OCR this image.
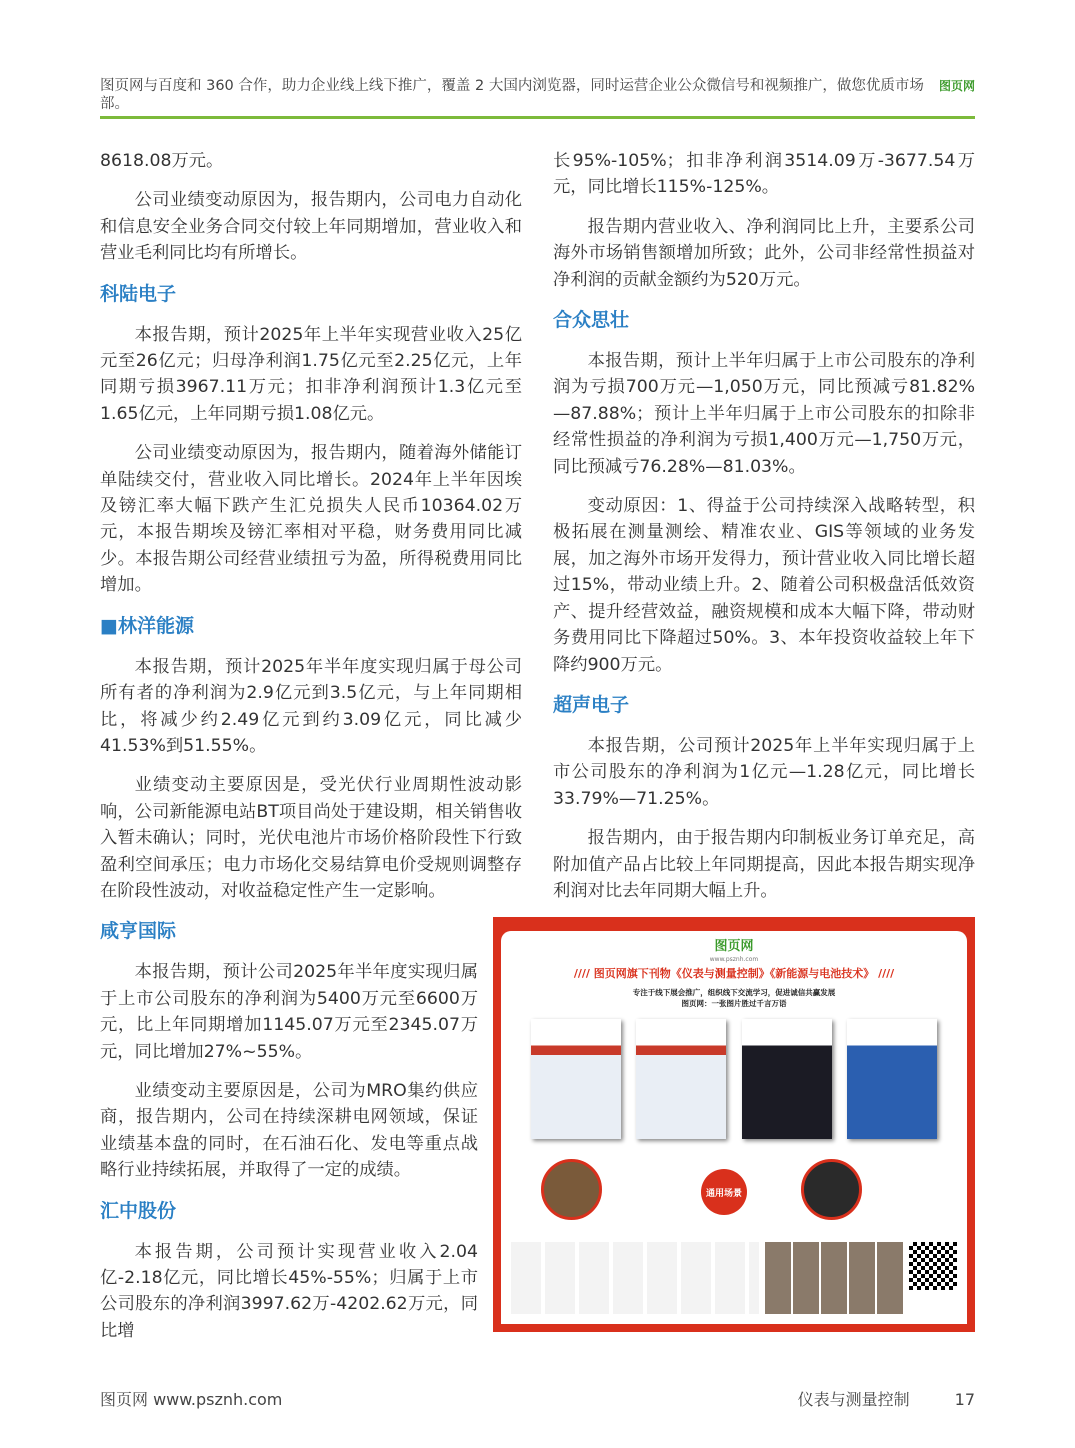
图页网与百度和 360 合作，助力企业线上线下推广，覆盖 2 大国内浏览器，同时运营企业公众微信号和视频推广，做您优质市场部。
图页网

8618.08万元。

公司业绩变动原因为，报告期内，公司电力自动化和信息安全业务合同交付较上年同期增加，营业收入和营业毛利同比均有所增长。

科陆电子

本报告期，预计2025年上半年实现营业收入25亿元至26亿元；归母净利润1.75亿元至2.25亿元，上年同期亏损3967.11万元；扣非净利润预计1.3亿元至1.65亿元，上年同期亏损1.08亿元。

公司业绩变动原因为，报告期内，随着海外储能订单陆续交付，营业收入同比增长。2024年上半年因埃及镑汇率大幅下跌产生汇兑损失人民币10364.02万元，本报告期埃及镑汇率相对平稳，财务费用同比减少。本报告期公司经营业绩扭亏为盈，所得税费用同比增加。

■林洋能源

本报告期，预计2025年半年度实现归属于母公司所有者的净利润为2.9亿元到3.5亿元，与上年同期相比，将减少约2.49亿元到约3.09亿元，同比减少41.53%到51.55%。

业绩变动主要原因是，受光伏行业周期性波动影响，公司新能源电站BT项目尚处于建设期，相关销售收入暂未确认；同时，光伏电池片市场价格阶段性下行致盈利空间承压；电力市场化交易结算电价受规则调整存在阶段性波动，对收益稳定性产生一定影响。

咸亨国际

本报告期，预计公司2025年半年度实现归属于上市公司股东的净利润为5400万元至6600万元，比上年同期增加1145.07万元至2345.07万元，同比增加27%~55%。

业绩变动主要原因是，公司为MRO集约供应商，报告期内，公司在持续深耕电网领域，保证业绩基本盘的同时，在石油石化、发电等重点战略行业持续拓展，并取得了一定的成绩。

汇中股份

本报告期，公司预计实现营业收入2.04亿-2.18亿元，同比增长45%-55%；归属于上市公司股东的净利润3997.62万-4202.62万元，同比增

长95%-105%；扣非净利润3514.09万-3677.54万元，同比增长115%-125%。

报告期内营业收入、净利润同比上升，主要系公司海外市场销售额增加所致；此外，公司非经常性损益对净利润的贡献金额约为520万元。

合众思壮

本报告期，预计上半年归属于上市公司股东的净利润为亏损700万元—1,050万元，同比预减亏81.82%—87.88%；预计上半年归属于上市公司股东的扣除非经常性损益的净利润为亏损1,400万元—1,750万元，同比预减亏76.28%—81.03%。

变动原因：1、得益于公司持续深入战略转型，积极拓展在测量测绘、精准农业、GIS等领域的业务发展，加之海外市场开发得力，预计营业收入同比增长超过15%，带动业绩上升。2、随着公司积极盘活低效资产、提升经营效益，融资规模和成本大幅下降，带动财务费用同比下降超过50%。3、本年投资收益较上年下降约900万元。

超声电子

本报告期，公司预计2025年上半年实现归属于上市公司股东的净利润为1亿元—1.28亿元，同比增长33.79%—71.25%。

报告期内，由于报告期内印制板业务订单充足，高附加值产品占比较上年同期提高，因此本报告期实现净利润对比去年同期大幅上升。

图页网
www.psznh.com
//// 图页网旗下刊物《仪表与测量控制》《新能源与电池技术》 ////
专注于线下展会推广，组织线下交流学习，促进诚信共赢发展
图页网：一张图片胜过千言万语
通用场景
图页网 www.psznh.com	仪表与测量控制	17
